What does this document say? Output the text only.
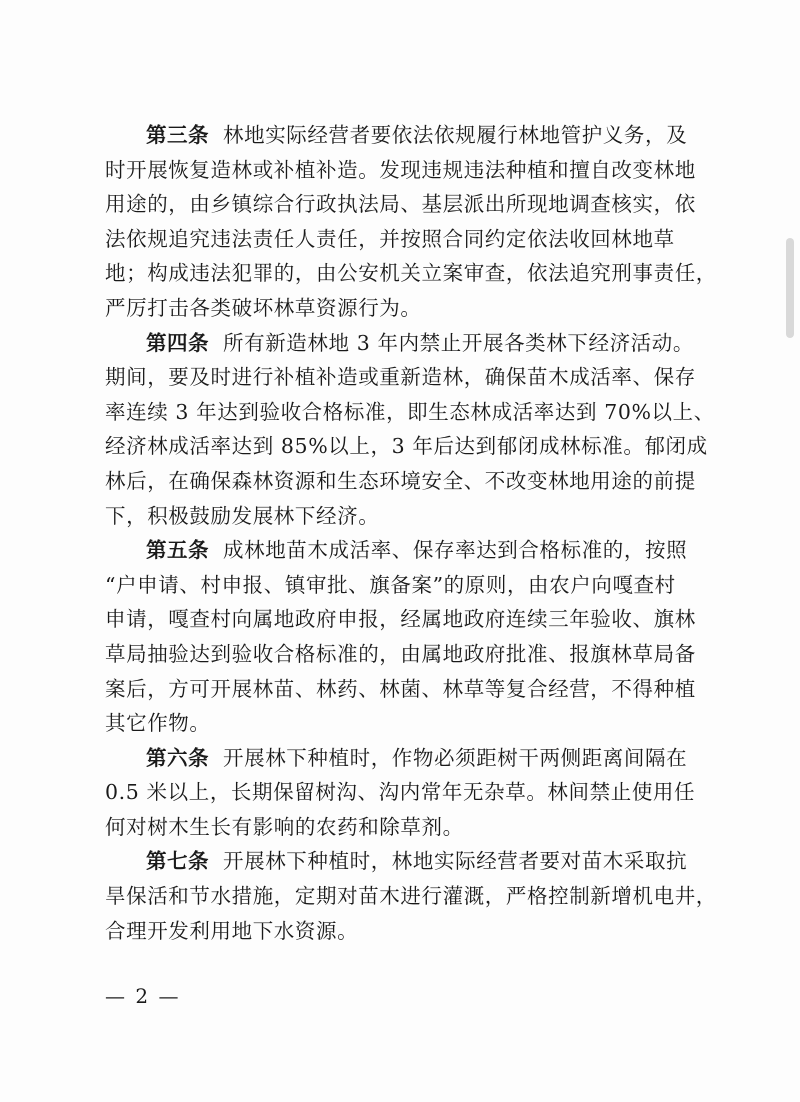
第三条 林地实际经营者要依法依规履行林地管护义务，及
时开展恢复造林或补植补造。发现违规违法种植和擅自改变林地
用途的，由乡镇综合行政执法局、基层派出所现地调查核实，依
法依规追究违法责任人责任，并按照合同约定依法收回林地草
地；构成违法犯罪的，由公安机关立案审查，依法追究刑事责任，
严厉打击各类破坏林草资源行为。
第四条 所有新造林地 3 年内禁止开展各类林下经济活动。
期间，要及时进行补植补造或重新造林，确保苗木成活率、保存
率连续 3 年达到验收合格标准，即生态林成活率达到 70%以上、
经济林成活率达到 85%以上，3 年后达到郁闭成林标准。郁闭成
林后，在确保森林资源和生态环境安全、不改变林地用途的前提
下，积极鼓励发展林下经济。
第五条 成林地苗木成活率、保存率达到合格标准的，按照
“户申请、村申报、镇审批、旗备案”的原则，由农户向嘎查村
申请，嘎查村向属地政府申报，经属地政府连续三年验收、旗林
草局抽验达到验收合格标准的，由属地政府批准、报旗林草局备
案后，方可开展林苗、林药、林菌、林草等复合经营，不得种植
其它作物。
第六条 开展林下种植时，作物必须距树干两侧距离间隔在
0.5 米以上，长期保留树沟、沟内常年无杂草。林间禁止使用任
何对树木生长有影响的农药和除草剂。
第七条 开展林下种植时，林地实际经营者要对苗木采取抗
旱保活和节水措施，定期对苗木进行灌溉，严格控制新增机电井，
合理开发利用地下水资源。
— 2 —
